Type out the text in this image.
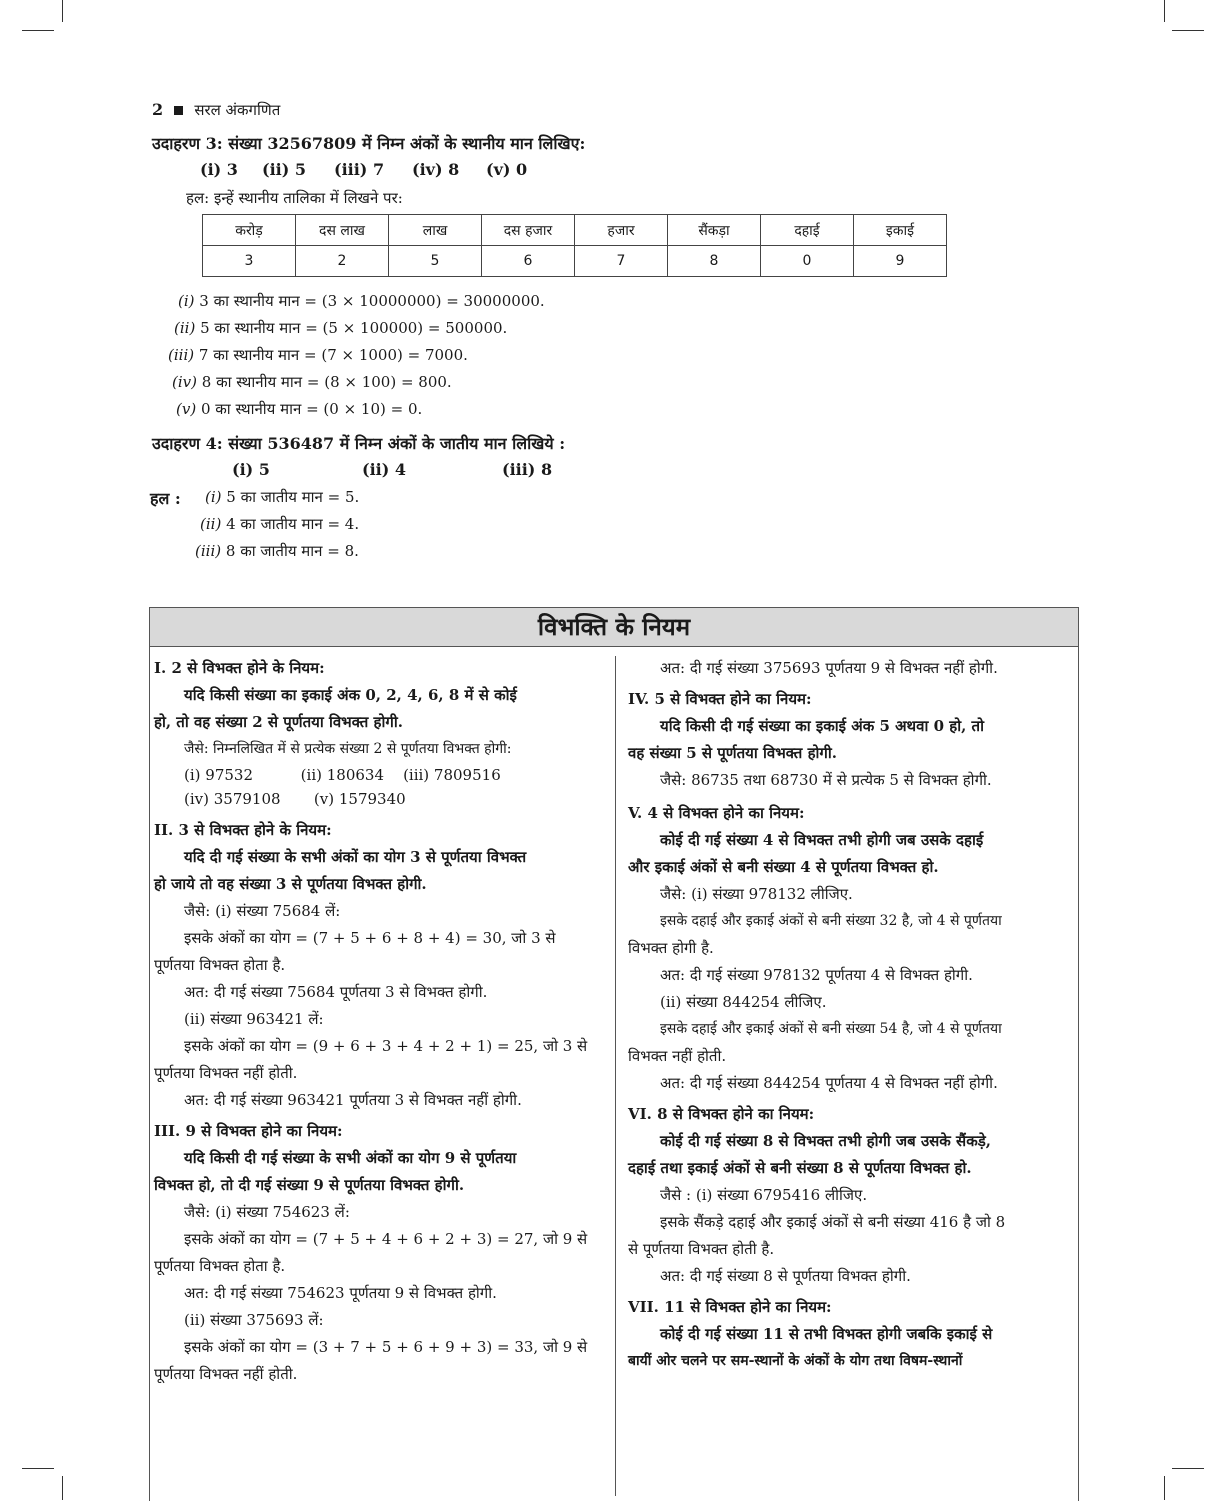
2 सरल अंकगणित
उदाहरण 3: संख्या 32567809 में निम्न अंकों के स्थानीय मान लिखिए:
(i) 3 (ii) 5 (iii) 7 (iv) 8 (v) 0
हल: इन्हें स्थानीय तालिका में लिखने पर:
करोड़	दस लाख	लाख	दस हजार	हजार	सैंकड़ा	दहाई	इकाई
3	2	5	6	7	8	0	9
(i) 3 का स्थानीय मान = (3 × 10000000) = 30000000.
(ii) 5 का स्थानीय मान = (5 × 100000) = 500000.
(iii) 7 का स्थानीय मान = (7 × 1000) = 7000.
(iv) 8 का स्थानीय मान = (8 × 100) = 800.
(v) 0 का स्थानीय मान = (0 × 10) = 0.
उदाहरण 4: संख्या 536487 में निम्न अंकों के जातीय मान लिखिये :
(i) 5	(ii) 4	(iii) 8
हल : (i) 5 का जातीय मान = 5.
(ii) 4 का जातीय मान = 4.
(iii) 8 का जातीय मान = 8.
विभक्ति के नियम
I. 2 से विभक्त होने के नियम:
यदि किसी संख्या का इकाई अंक 0, 2, 4, 6, 8 में से कोई
हो, तो वह संख्या 2 से पूर्णतया विभक्त होगी.
जैसे: निम्नलिखित में से प्रत्येक संख्या 2 से पूर्णतया विभक्त होगी:
(i) 97532          (ii) 180634    (iii) 7809516
(iv) 3579108       (v) 1579340
II. 3 से विभक्त होने के नियम:
यदि दी गई संख्या के सभी अंकों का योग 3 से पूर्णतया विभक्त
हो जाये तो वह संख्या 3 से पूर्णतया विभक्त होगी.
जैसे: (i) संख्या 75684 लें:
इसके अंकों का योग = (7 + 5 + 6 + 8 + 4) = 30, जो 3 से
पूर्णतया विभक्त होता है.
अत: दी गई संख्या 75684 पूर्णतया 3 से विभक्त होगी.
(ii) संख्या 963421 लें:
इसके अंकों का योग = (9 + 6 + 3 + 4 + 2 + 1) = 25, जो 3 से
पूर्णतया विभक्त नहीं होती.
अत: दी गई संख्या 963421 पूर्णतया 3 से विभक्त नहीं होगी.
III. 9 से विभक्त होने का नियम:
यदि किसी दी गई संख्या के सभी अंकों का योग 9 से पूर्णतया
विभक्त हो, तो दी गई संख्या 9 से पूर्णतया विभक्त होगी.
जैसे: (i) संख्या 754623 लें:
इसके अंकों का योग = (7 + 5 + 4 + 6 + 2 + 3) = 27, जो 9 से
पूर्णतया विभक्त होता है.
अत: दी गई संख्या 754623 पूर्णतया 9 से विभक्त होगी.
(ii) संख्या 375693 लें:
इसके अंकों का योग = (3 + 7 + 5 + 6 + 9 + 3) = 33, जो 9 से
पूर्णतया विभक्त नहीं होती.
अत: दी गई संख्या 375693 पूर्णतया 9 से विभक्त नहीं होगी.
IV. 5 से विभक्त होने का नियम:
यदि किसी दी गई संख्या का इकाई अंक 5 अथवा 0 हो, तो
वह संख्या 5 से पूर्णतया विभक्त होगी.
जैसे: 86735 तथा 68730 में से प्रत्येक 5 से विभक्त होगी.
V. 4 से विभक्त होने का नियम:
कोई दी गई संख्या 4 से विभक्त तभी होगी जब उसके दहाई
और इकाई अंकों से बनी संख्या 4 से पूर्णतया विभक्त हो.
जैसे: (i) संख्या 978132 लीजिए.
इसके दहाई और इकाई अंकों से बनी संख्या 32 है, जो 4 से पूर्णतया
विभक्त होगी है.
अत: दी गई संख्या 978132 पूर्णतया 4 से विभक्त होगी.
(ii) संख्या 844254 लीजिए.
इसके दहाई और इकाई अंकों से बनी संख्या 54 है, जो 4 से पूर्णतया
विभक्त नहीं होती.
अत: दी गई संख्या 844254 पूर्णतया 4 से विभक्त नहीं होगी.
VI. 8 से विभक्त होने का नियम:
कोई दी गई संख्या 8 से विभक्त तभी होगी जब उसके सैंकड़े,
दहाई तथा इकाई अंकों से बनी संख्या 8 से पूर्णतया विभक्त हो.
जैसे : (i) संख्या 6795416 लीजिए.
इसके सैंकड़े दहाई और इकाई अंकों से बनी संख्या 416 है जो 8
से पूर्णतया विभक्त होती है.
अत: दी गई संख्या 8 से पूर्णतया विभक्त होगी.
VII. 11 से विभक्त होने का नियम:
कोई दी गई संख्या 11 से तभी विभक्त होगी जबकि इकाई से
बायीं ओर चलने पर सम-स्थानों के अंकों के योग तथा विषम-स्थानों
